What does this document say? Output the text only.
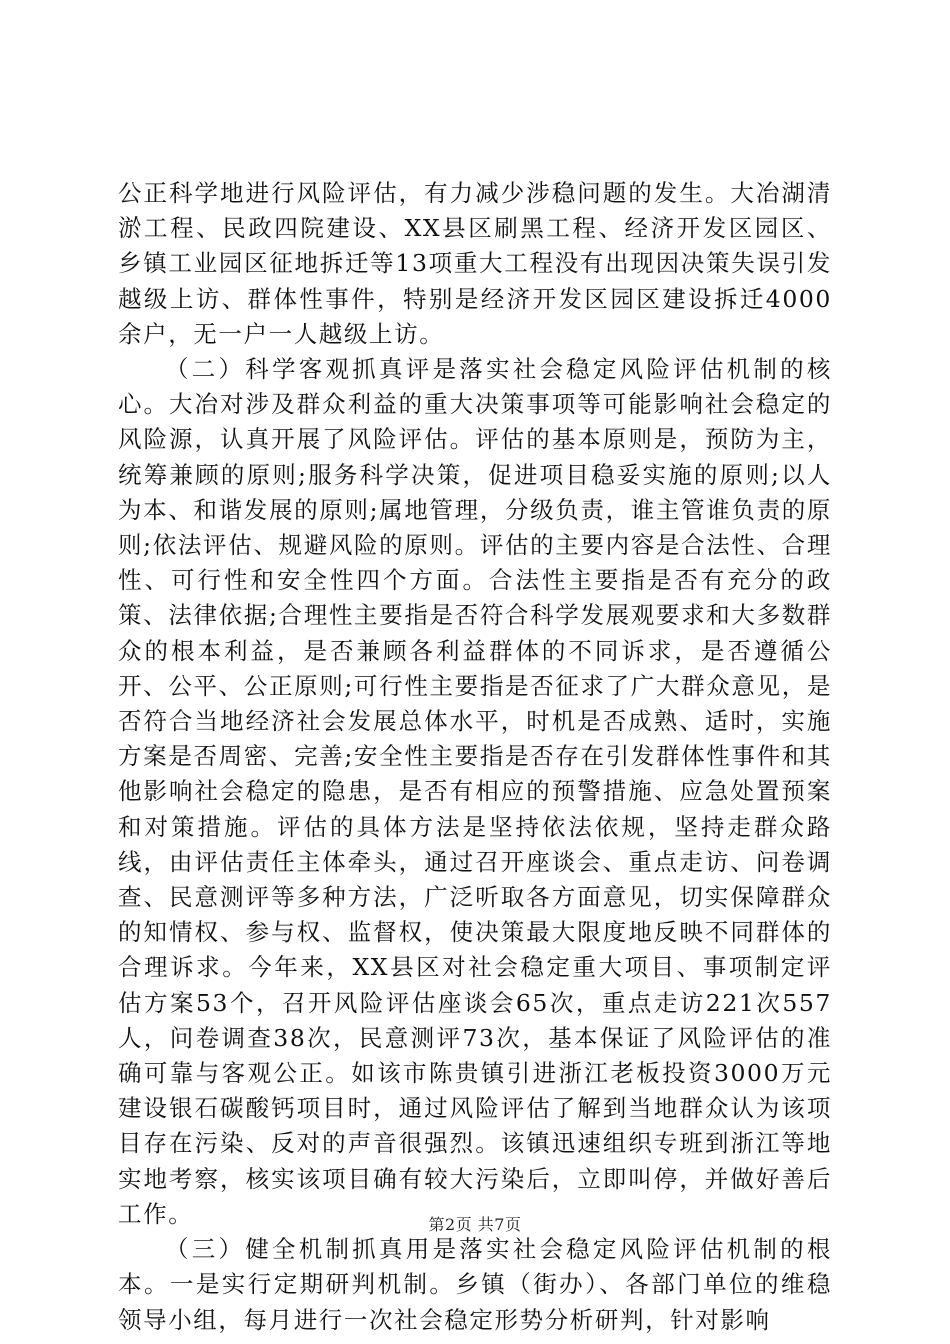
公正科学地进行风险评估，有力减少涉稳问题的发生。大冶湖清淤工程、民政四院建设、XX县区刷黑工程、经济开发区园区、乡镇工业园区征地拆迁等13项重大工程没有出现因决策失误引发越级上访、群体性事件，特别是经济开发区园区建设拆迁4000余户，无一户一人越级上访。

（二）科学客观抓真评是落实社会稳定风险评估机制的核心。大冶对涉及群众利益的重大决策事项等可能影响社会稳定的风险源，认真开展了风险评估。评估的基本原则是，预防为主，统筹兼顾的原则;服务科学决策，促进项目稳妥实施的原则;以人为本、和谐发展的原则;属地管理，分级负责，谁主管谁负责的原则;依法评估、规避风险的原则。评估的主要内容是合法性、合理性、可行性和安全性四个方面。合法性主要指是否有充分的政策、法律依据;合理性主要指是否符合科学发展观要求和大多数群众的根本利益，是否兼顾各利益群体的不同诉求，是否遵循公开、公平、公正原则;可行性主要指是否征求了广大群众意见，是否符合当地经济社会发展总体水平，时机是否成熟、适时，实施方案是否周密、完善;安全性主要指是否存在引发群体性事件和其他影响社会稳定的隐患，是否有相应的预警措施、应急处置预案和对策措施。评估的具体方法是坚持依法依规，坚持走群众路线，由评估责任主体牵头，通过召开座谈会、重点走访、问卷调查、民意测评等多种方法，广泛听取各方面意见，切实保障群众的知情权、参与权、监督权，使决策最大限度地反映不同群体的合理诉求。今年来，XX县区对社会稳定重大项目、事项制定评估方案53个，召开风险评估座谈会65次，重点走访221次557人，问卷调查38次，民意测评73次，基本保证了风险评估的准确可靠与客观公正。如该市陈贵镇引进浙江老板投资3000万元建设银石碳酸钙项目时，通过风险评估了解到当地群众认为该项目存在污染、反对的声音很强烈。该镇迅速组织专班到浙江等地实地考察，核实该项目确有较大污染后，立即叫停，并做好善后工作。

（三）健全机制抓真用是落实社会稳定风险评估机制的根本。一是实行定期研判机制。乡镇（街办）、各部门单位的维稳领导小组，每月进行一次社会稳定形势分析研判，针对影响

第2页 共7页
